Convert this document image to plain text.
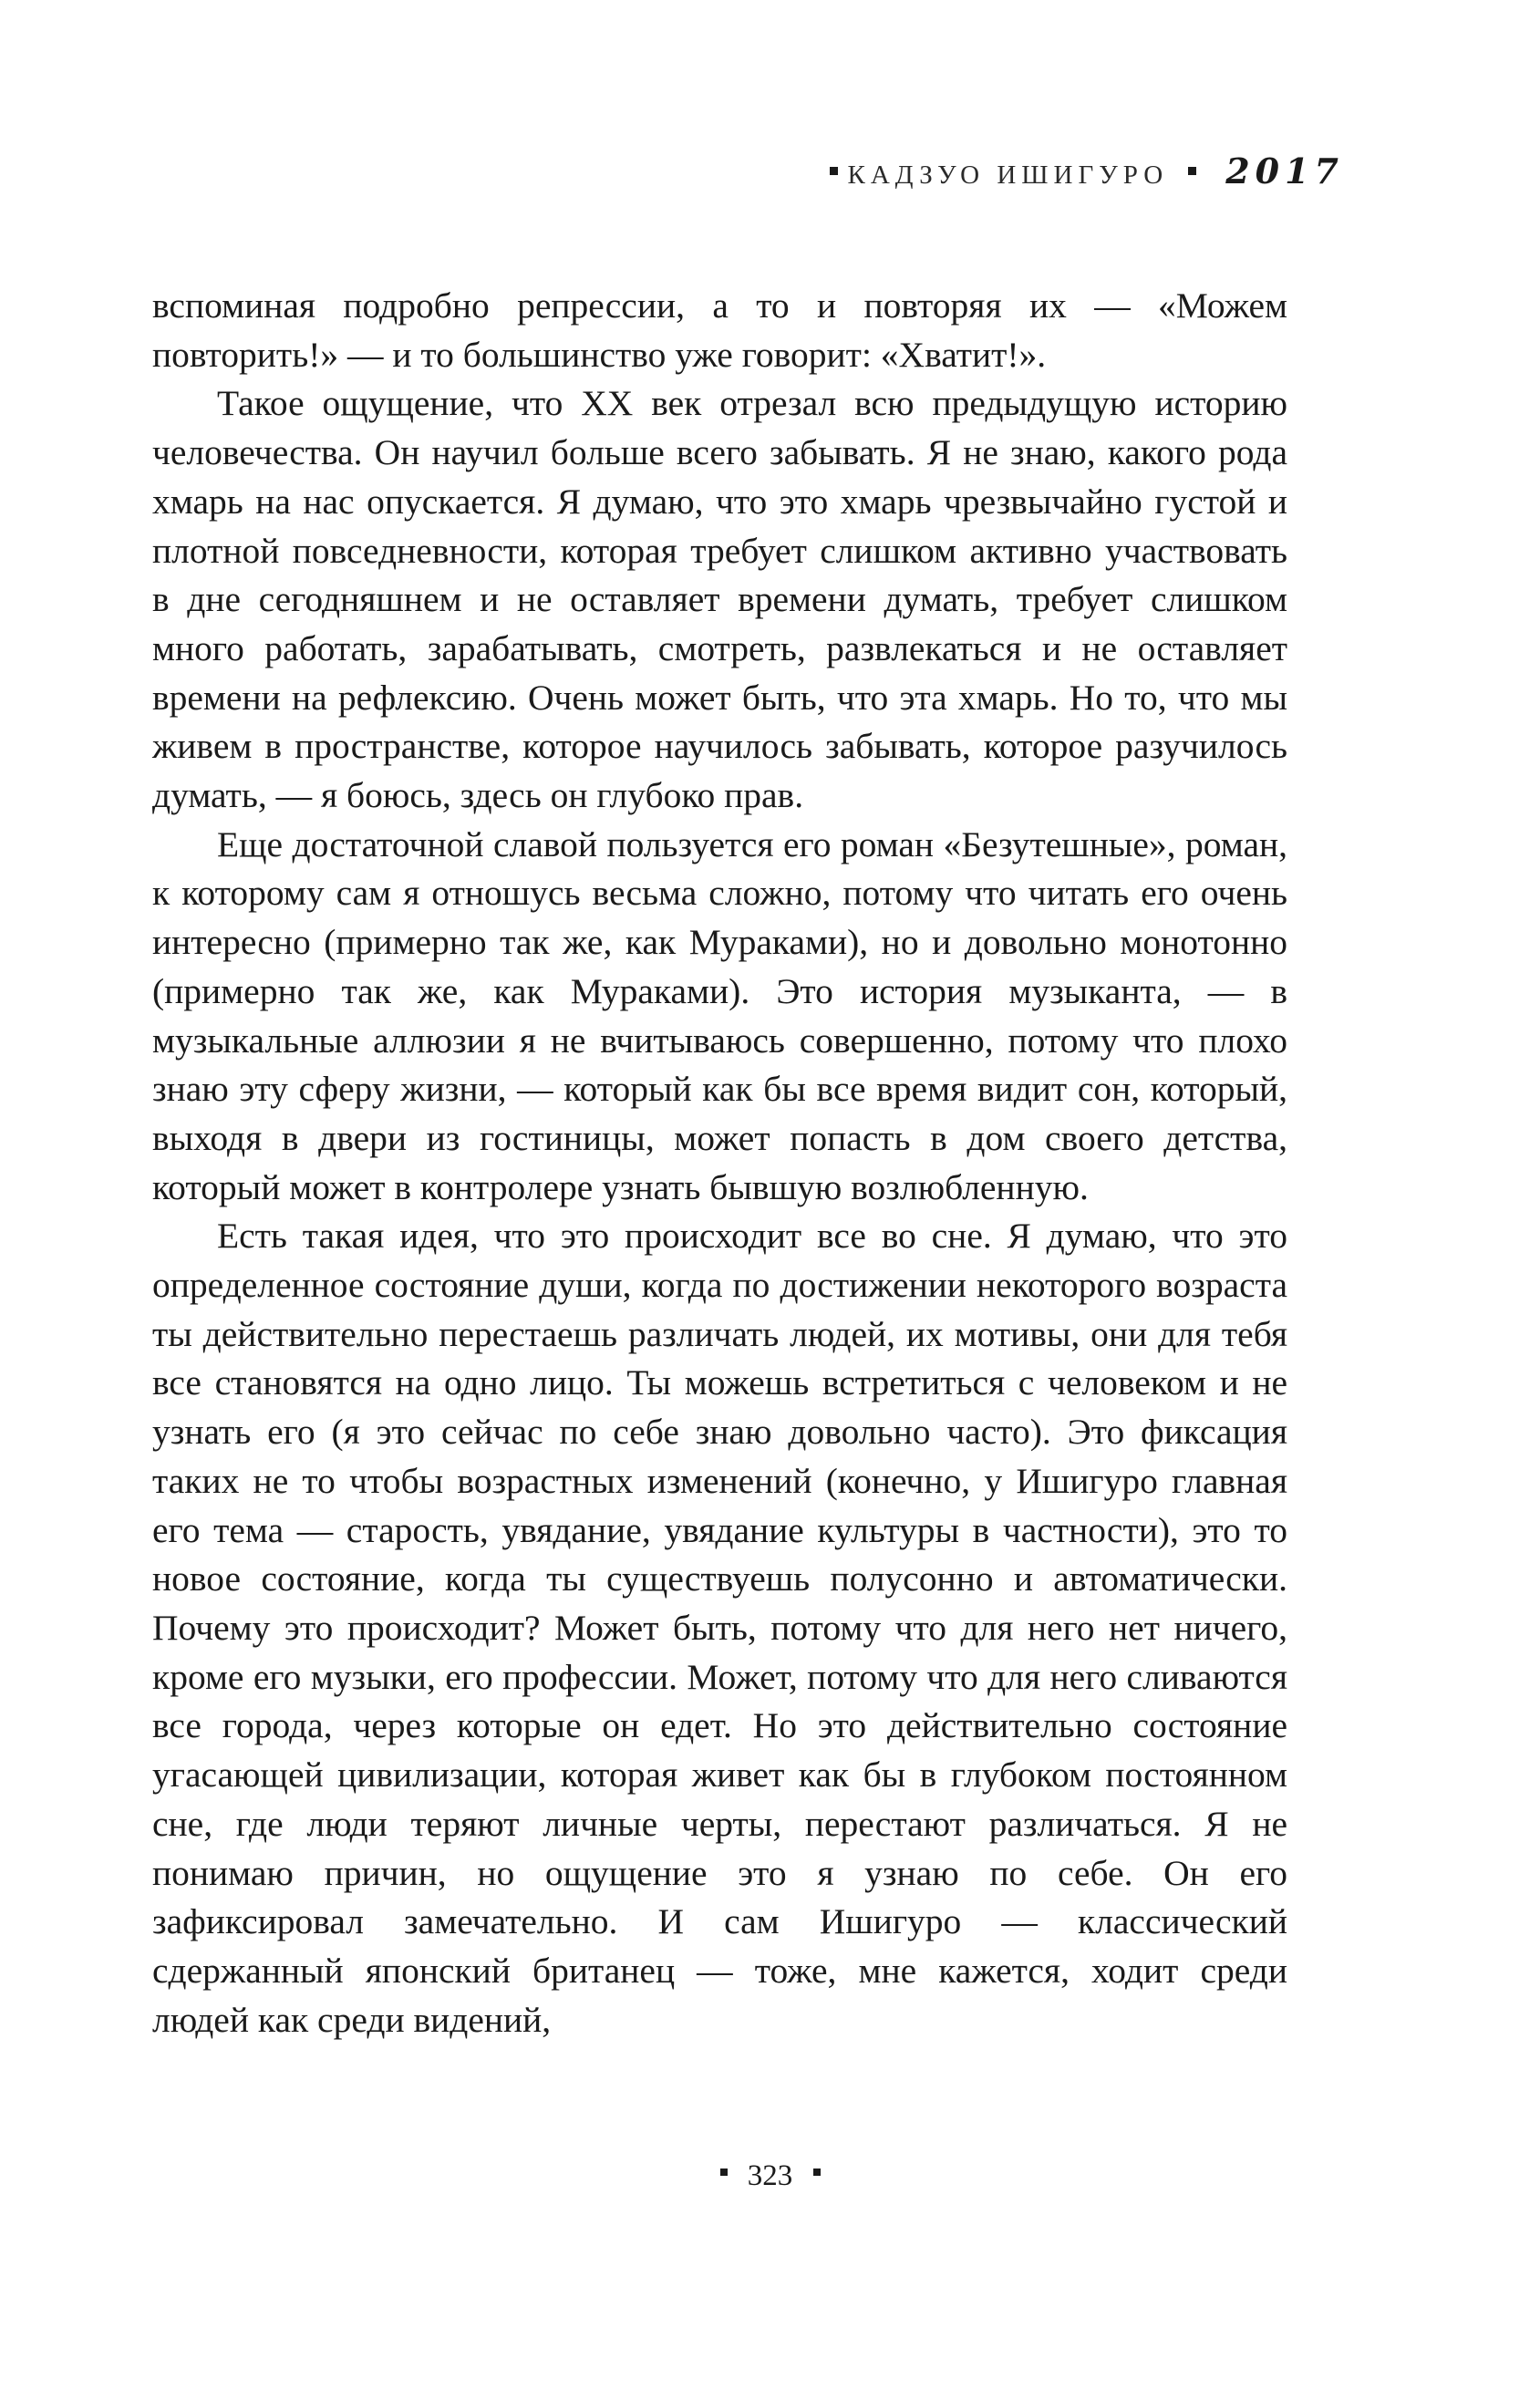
КАДЗУО ИШИГУРО 2017

вспоминая подробно репрессии, а то и повторяя их — «Можем повторить!» — и то большинство уже говорит: «Хватит!».

Такое ощущение, что XX век отрезал всю предыдущую историю человечества. Он научил больше всего забывать. Я не знаю, какого рода хмарь на нас опускается. Я думаю, что это хмарь чрезвычайно густой и плотной повседневности, которая требует слишком активно участвовать в дне сегодняшнем и не оставляет времени думать, требует слишком много работать, зарабатывать, смотреть, развлекаться и не оставляет времени на рефлексию. Очень может быть, что эта хмарь. Но то, что мы живем в пространстве, которое научилось забывать, которое разучилось думать, — я боюсь, здесь он глубоко прав.

Еще достаточной славой пользуется его роман «Безутешные», роман, к которому сам я отношусь весьма сложно, потому что читать его очень интересно (примерно так же, как Мураками), но и довольно монотонно (примерно так же, как Мураками). Это история музыканта, — в музыкальные аллюзии я не вчитываюсь совершенно, потому что плохо знаю эту сферу жизни, — который как бы все время видит сон, который, выходя в двери из гостиницы, может попасть в дом своего детства, который может в контролере узнать бывшую возлюбленную.

Есть такая идея, что это происходит все во сне. Я думаю, что это определенное состояние души, когда по достижении некоторого возраста ты действительно перестаешь различать людей, их мотивы, они для тебя все становятся на одно лицо. Ты можешь встретиться с человеком и не узнать его (я это сейчас по себе знаю довольно часто). Это фиксация таких не то чтобы возрастных изменений (конечно, у Ишигуро главная его тема — старость, увядание, увядание культуры в частности), это то новое состояние, когда ты существуешь полусонно и автоматически. Почему это происходит? Может быть, потому что для него нет ничего, кроме его музыки, его профессии. Может, потому что для него сливаются все города, через которые он едет. Но это действительно состояние угасающей цивилизации, которая живет как бы в глубоком постоянном сне, где люди теряют личные черты, перестают различаться. Я не понимаю причин, но ощущение это я узнаю по себе. Он его зафиксировал замечательно. И сам Ишигуро — классический сдержанный японский британец — тоже, мне кажется, ходит среди людей как среди видений,

323
